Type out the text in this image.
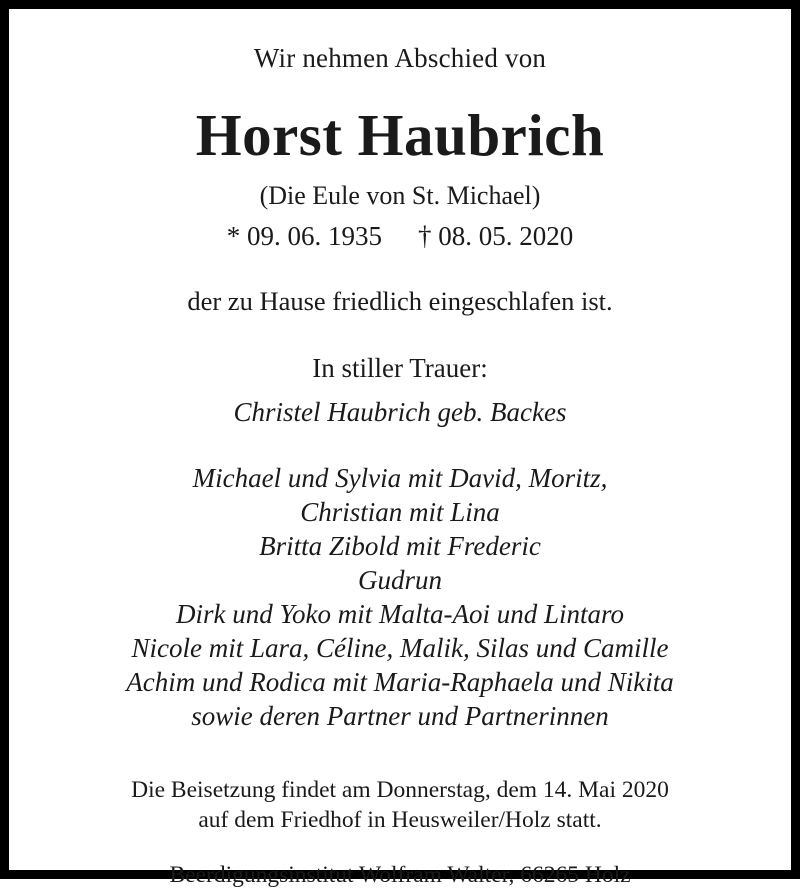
Wir nehmen Abschied von
Horst Haubrich
(Die Eule von St. Michael)
* 09. 06. 1935 † 08. 05. 2020
der zu Hause friedlich eingeschlafen ist.
In stiller Trauer:
Christel Haubrich geb. Backes
Michael und Sylvia mit David, Moritz,
Christian mit Lina
Britta Zibold mit Frederic
Gudrun
Dirk und Yoko mit Malta-Aoi und Lintaro
Nicole mit Lara, Céline, Malik, Silas und Camille
Achim und Rodica mit Maria-Raphaela und Nikita
sowie deren Partner und Partnerinnen
Die Beisetzung findet am Donnerstag, dem 14. Mai 2020
auf dem Friedhof in Heusweiler/Holz statt.
Beerdigungsinstitut Wolfram Walter, 66265 Holz
